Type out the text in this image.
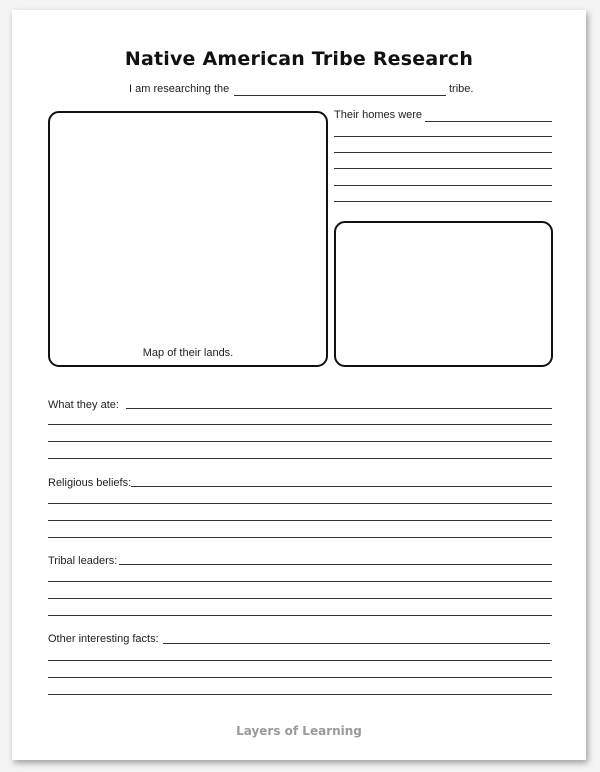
Native American Tribe Research
I am researching the	tribe.
Map of their lands.
Their homes were
What they ate:
Religious beliefs:
Tribal leaders:
Other interesting facts:
Layers of Learning
